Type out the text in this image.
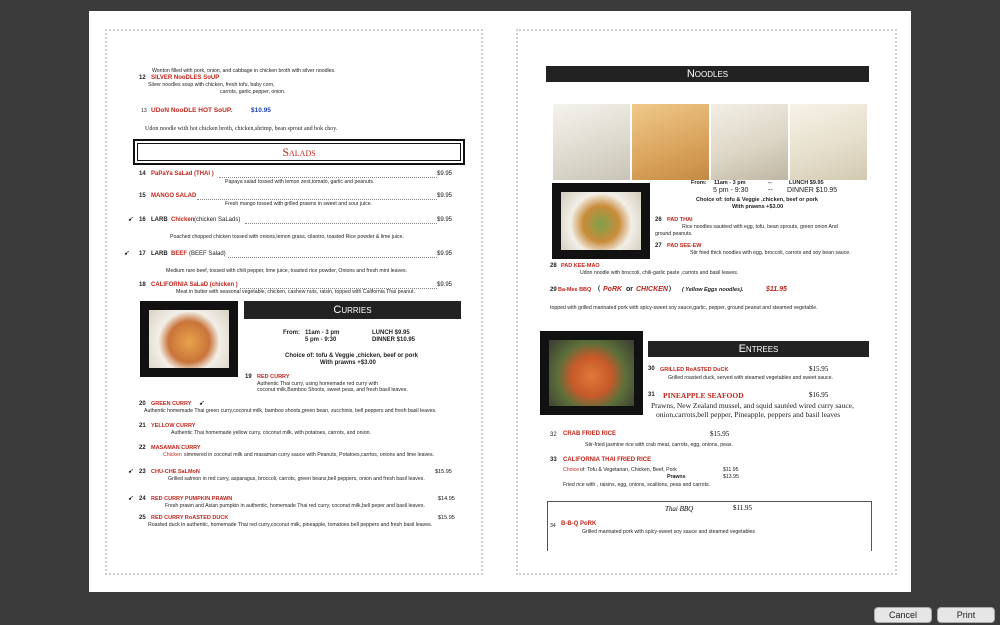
Wonton filled with pork, onion, and cabbage in chicken broth with silver noodles.
12 SILVER NooDLES SoUP
Silver noodles soup with chicken, fresh tofu, baby corn,
carrots, garlic,pepper, onion.
13 UDoN NooDLE HOT SoUP.	$10.95
Udon noodle with hot chicken broth, chicken,shrimp, bean sprout and bok choy.
Salads
14 PaPaYa SaLad (THAI )	$9.95
Papaya salad tossed with lemon zest,tomato, garlic and peanuts.
15 MANGO SALAD	$9.95
Fresh mango tossed with grilled prawns in sweet and sour juice.
➹ 16 LARB Chicken (chicken SaLads)	$9.95
Poached chopped chicken tossed with onions,lemon grass, cilantro, toasted Rice powder & lime juice.
➹ 17 LARB BEEF (BEEF Salad)	$9.95
Medium rare beef, tossed with chili pepper, lime juice, toasted rice powder, Onions and fresh mint leaves.
18 CALIFORNIA SaLaD (chicken )	$9.95
Meat in butter with seasonal vegetable, chicken, cashew nuts, raisin, topped with California Thai peanut.
Curries
From: 11am - 3 pm	LUNCH $9.95
5 pm - 9:30	DINNER $10.95
Choice of: tofu & Veggie ,chicken, beef or pork
With prawns +$3.00
19 RED CURRY
Authentic Thai curry, using homemade red curry with
coconut milk,Bamboo Shoots, sweet peas, and fresh basil leaves.
20 GREEN CURRY ➹
Authentic homemade Thai green curry,coconut milk, bamboo shoots,green bean, zucchinis, bell peppers and fresh basil leaves.
21 YELLOW CURRY
Authentic Thai homemade yellow curry, coconut milk, with potatoes, carrots, and onion.
22 MASAMAN CURRY
Chicken simmered in coconut milk and masaman curry sauce with Peanuts, Potatoes,carrtos, onions and lime leaves.
➹ 23 CHU-CHE SaLMoN	$15.95
Grilled salmon in red curry, asparagus, broccoli, carrots, green beans,bell peppers, onion and fresh basil leaves.
➹ 24 RED CURRY PUMPKIN PRAWN	$14.95
Fresh prawn and Asian pumpkin in authentic, homemade Thai red curry, coconut milk,bell peper and basil leaves.
25 RED CURRY RoASTED DUCK	$15.95
Roasted duck in authentic, homemade Thai red curry,coconut milk, pineapple, tomatoes bell peppers and fresh basil leaves.
Noodles
From: 11am - 3 pm	--	LUNCH $9.95
5 pm - 9:30	-- DINNER $10.95
Choice of: tofu & Veggie ,chicken, beef or pork
With prawns +$3.00
26 PAD THAI
Rice noodles sautéed with egg, tofu, bean sprouts, green onion And
ground peanuts.
27 PAD SEE-EW
Stir fried thick noodles with egg, broccoli, carrots and soy bean sauce.
28 PAD KEE-MAO
Udon noodle with broccoli, chili-garlic paste ,carrots and basil leaves.
29 Ba-Mee BBQ ( PoRK or CHICKEN ) ( Yellow Eggs noodles).	$11.95
topped with grilled marinated pork with spicy-sweet soy sauce,garlic, pepper, ground peanut and steamed vegetable.
Entrees
30 GRILLED RoASTED DuCK	$15.95
Grilled roasted duck, served with steamed vegetables and sweet sauce.
31 PINEAPPLE SEAFOOD	$16.95
Prawns, New Zealand mussel, and squid sautéed wired curry sauce,
onion,carrots,bell pepper, Pineapple, peppers and basil leaves
32 CRAB FRIED RICE	$15.95
Stir-fried jasmine rice with crab meat, carrots, egg, onions, peas.
33 CALIFORNIA THAI FRIED RICE
Choice of: Tofu & Vegetarian, Chicken, Beef, Pork	$11.95
Prawns	$13.95
Fried rice with , raisins, egg, onions, scallions, peas and carrots.
Thai BBQ	$11.95
34 B-B-Q PoRK
Grilled marinated pork with spicy-sweet soy sauce and steamed vegetables
Cancel	Print
